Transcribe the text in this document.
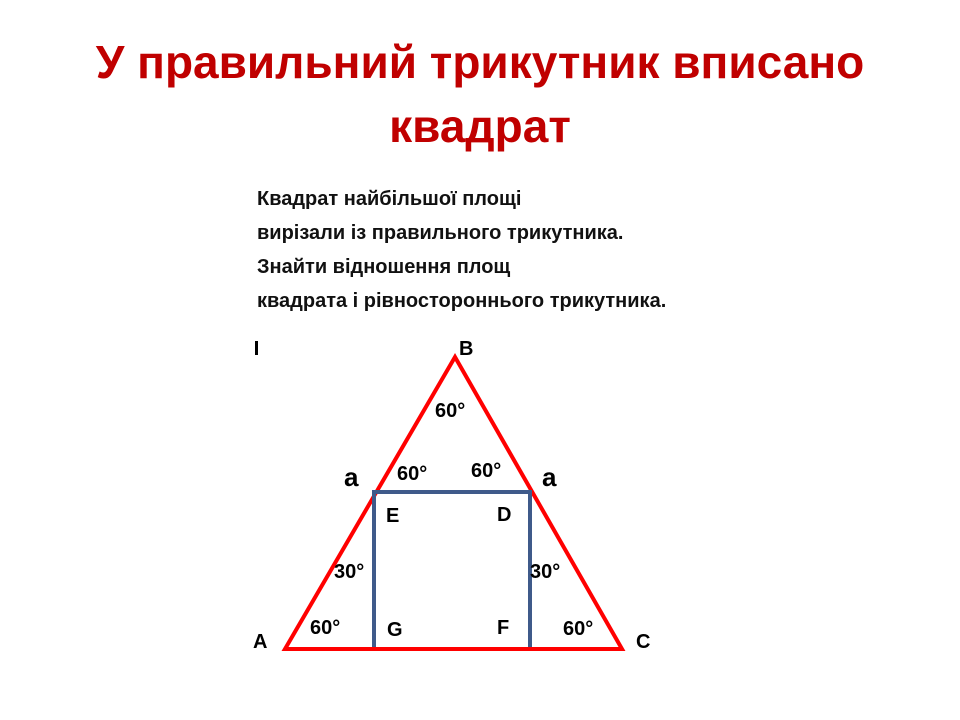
У правильний трикутник вписано
квадрат
Квадрат найбільшої площі
вирізали із правильного трикутника.
Знайти відношення площ
квадрата і рівностороннього трикутника.
B
A	C
E	D
G	F
a	a
60°
60° 60°
30°	30°
60°	60°
